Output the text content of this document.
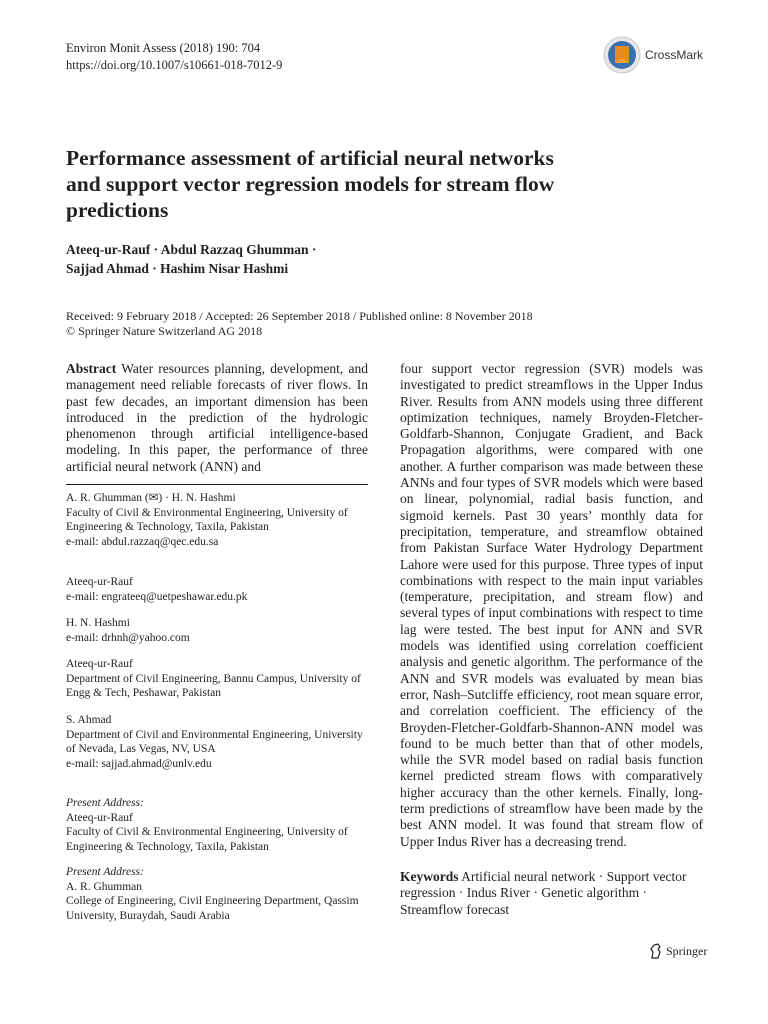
Environ Monit Assess (2018) 190: 704
https://doi.org/10.1007/s10661-018-7012-9
CrossMark
Performance assessment of artificial neural networks
and support vector regression models for stream flow
predictions
Ateeq-ur-Rauf · Abdul Razzaq Ghumman ·
Sajjad Ahmad · Hashim Nisar Hashmi
Received: 9 February 2018 / Accepted: 26 September 2018 / Published online: 8 November 2018
© Springer Nature Switzerland AG 2018
Abstract Water resources planning, development, and management need reliable forecasts of river flows. In past few decades, an important dimension has been introduced in the prediction of the hydrologic phenomenon through artificial intelligence-based modeling. In this paper, the performance of three artificial neural network (ANN) and
A. R. Ghumman (✉) · H. N. Hashmi
Faculty of Civil & Environmental Engineering, University of
Engineering & Technology, Taxila, Pakistan
e-mail: abdul.razzaq@qec.edu.sa
Ateeq-ur-Rauf
e-mail: engrateeq@uetpeshawar.edu.pk
H. N. Hashmi
e-mail: drhnh@yahoo.com
Ateeq-ur-Rauf
Department of Civil Engineering, Bannu Campus, University of
Engg & Tech, Peshawar, Pakistan
S. Ahmad
Department of Civil and Environmental Engineering, University
of Nevada, Las Vegas, NV, USA
e-mail: sajjad.ahmad@unlv.edu
Present Address:
Ateeq-ur-Rauf
Faculty of Civil & Environmental Engineering, University of
Engineering & Technology, Taxila, Pakistan
Present Address:
A. R. Ghumman
College of Engineering, Civil Engineering Department, Qassim
University, Buraydah, Saudi Arabia
four support vector regression (SVR) models was investigated to predict streamflows in the Upper Indus River. Results from ANN models using three different optimization techniques, namely Broyden-Fletcher-Goldfarb-Shannon, Conjugate Gradient, and Back Propagation algorithms, were compared with one another. A further comparison was made between these ANNs and four types of SVR models which were based on linear, polynomial, radial basis function, and sigmoid kernels. Past 30 years’ monthly data for precipitation, temperature, and streamflow obtained from Pakistan Surface Water Hydrology Department Lahore were used for this purpose. Three types of input combinations with respect to the main input variables (temperature, precipitation, and stream flow) and several types of input combinations with respect to time lag were tested. The best input for ANN and SVR models was identified using correlation coefficient analysis and genetic algorithm. The performance of the ANN and SVR models was evaluated by mean bias error, Nash–Sutcliffe efficiency, root mean square error, and correlation coefficient. The efficiency of the Broyden-Fletcher-Goldfarb-Shannon-ANN model was found to be much better than that of other models, while the SVR model based on radial basis function kernel predicted stream flows with comparatively higher accuracy than the other kernels. Finally, long-term predictions of streamflow have been made by the best ANN model. It was found that stream flow of Upper Indus River has a decreasing trend.
Keywords Artificial neural network · Support vector regression · Indus River · Genetic algorithm · Streamflow forecast
Springer
